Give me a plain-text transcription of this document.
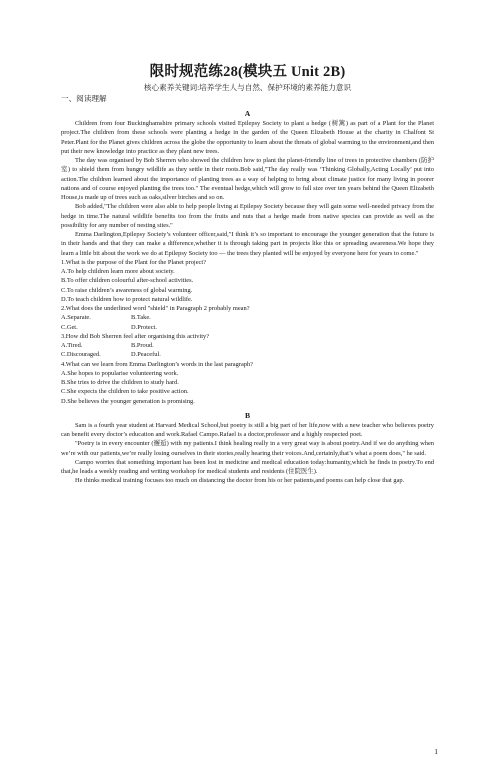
限时规范练28(模块五 Unit 2B)
核心素养关键词:培养学生人与自然、保护环境的素养能力意识
一、阅读理解
A

Children from four Buckinghamshire primary schools visited Epilepsy Society to plant a hedge (树篱) as part of a Plant for the Planet project.The children from these schools were planting a hedge in the garden of the Queen Elizabeth House at the charity in Chalfont St Peter.Plant for the Planet gives children across the globe the opportunity to learn about the threats of global warming to the environment,and then put their new knowledge into practice as they plant new trees.

The day was organised by Bob Sherren who showed the children how to plant the planet-friendly line of trees in protective chambers (防护室) to shield them from hungry wildlife as they settle in their roots.Bob said,"The day really was ‘Thinking Globally,Acting Locally’ put into action.The children learned about the importance of planting trees as a way of helping to bring about climate justice for many living in poorer nations and of course enjoyed planting the trees too." The eventual hedge,which will grow to full size over ten years behind the Queen Elizabeth House,is made up of trees such as oaks,silver birches and so on.

Bob added,"The children were also able to help people living at Epilepsy Society because they will gain some well-needed privacy from the hedge in time.The natural wildlife benefits too from the fruits and nuts that a hedge made from native species can provide as well as the possibility for any number of nesting sites."

Emma Darlington,Epilepsy Society’s volunteer officer,said,"I think it’s so important to encourage the younger generation that the future is in their hands and that they can make a difference,whether it is through taking part in projects like this or spreading awareness.We hope they learn a little bit about the work we do at Epilepsy Society too — the trees they planted will be enjoyed by everyone here for years to come."

1.What is the purpose of the Plant for the Planet project?

A.To help children learn more about society.

B.To offer children colourful after-school activities.

C.To raise children’s awareness of global warming.

D.To teach children how to protect natural wildlife.

2.What does the underlined word "shield" in Paragraph 2 probably mean?

A.Separate.	B.Take.
C.Get.	D.Protect.

3.How did Bob Sherren feel after organising this activity?

A.Tired.	B.Proud.
C.Discouraged.	D.Peaceful.

4.What can we learn from Emma Darlington’s words in the last paragraph?

A.She hopes to popularise volunteering work.

B.She tries to drive the children to study hard.

C.She expects the children to take positive action.

D.She believes the younger generation is promising.

B

Sam is a fourth year student at Harvard Medical School,but poetry is still a big part of her life,now with a new teacher who believes poetry can benefit every doctor’s education and work.Rafael Campo.Rafael is a doctor,professor and a highly respected poet.

"Poetry is in every encounter (邂逅) with my patients.I think healing really in a very great way is about poetry.And if we do anything when we’re with our patients,we’re really losing ourselves in their stories,really hearing their voices.And,certainly,that’s what a poem does," he said.

Campo worries that something important has been lost in medicine and medical education today:humanity,which he finds in poetry.To end that,he leads a weekly reading and writing workshop for medical students and residents (住院医生).

He thinks medical training focuses too much on distancing the doctor from his or her patients,and poems can help close that gap.

1
